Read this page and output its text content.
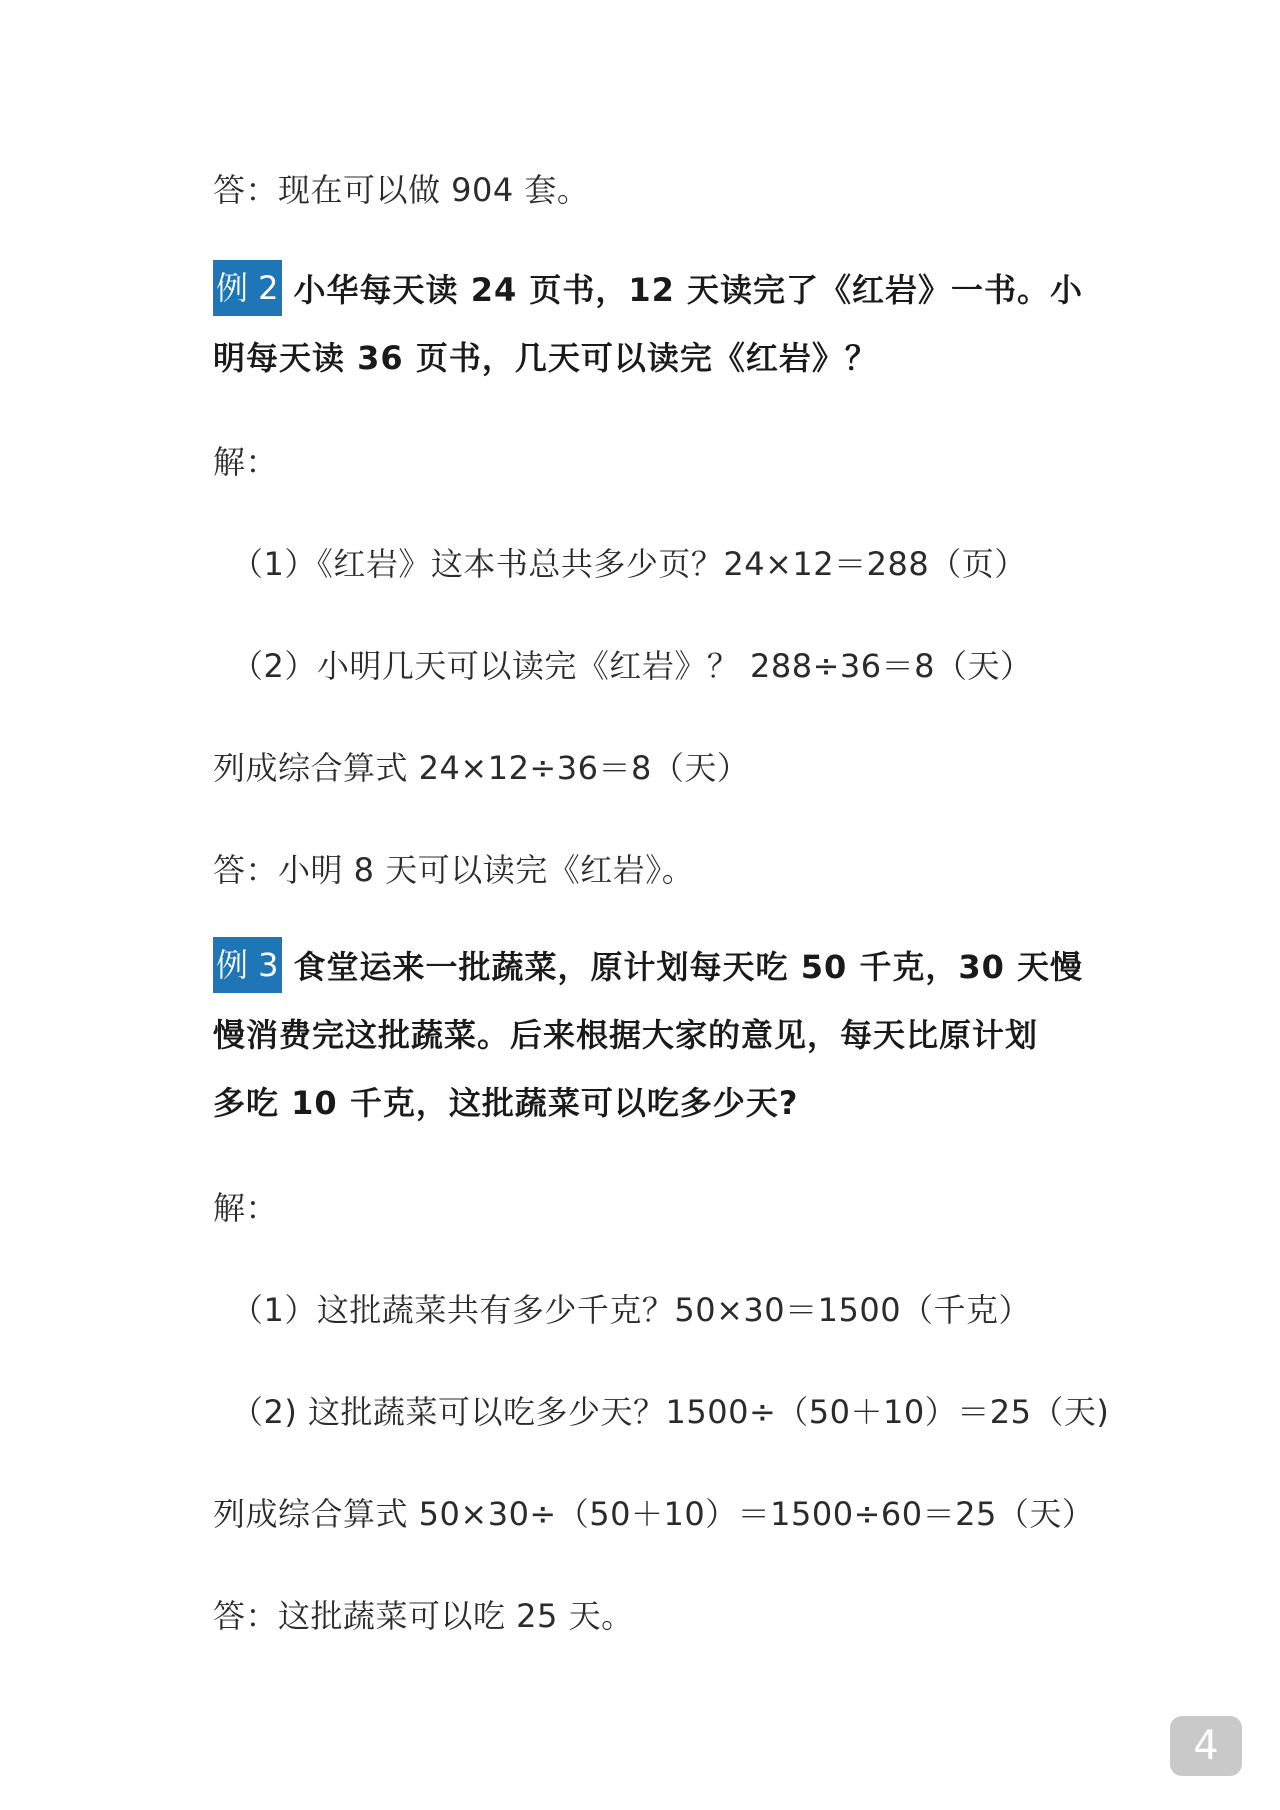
答：现在可以做 904 套。
例 2 小华每天读 24 页书，12 天读完了《红岩》一书。小
明每天读 36 页书，几天可以读完《红岩》？
解：
（1）《红岩》这本书总共多少页？24×12＝288（页）
（2）小明几天可以读完《红岩》？ 288÷36＝8（天）
列成综合算式 24×12÷36＝8（天）
答：小明 8 天可以读完《红岩》。
例 3 食堂运来一批蔬菜，原计划每天吃 50 千克，30 天慢
慢消费完这批蔬菜。后来根据大家的意见，每天比原计划
多吃 10 千克，这批蔬菜可以吃多少天?
解：
（1）这批蔬菜共有多少千克？50×30＝1500（千克）
（2) 这批蔬菜可以吃多少天？1500÷（50＋10）＝25（天)
列成综合算式 50×30÷（50＋10）＝1500÷60＝25（天）
答：这批蔬菜可以吃 25 天。
4
